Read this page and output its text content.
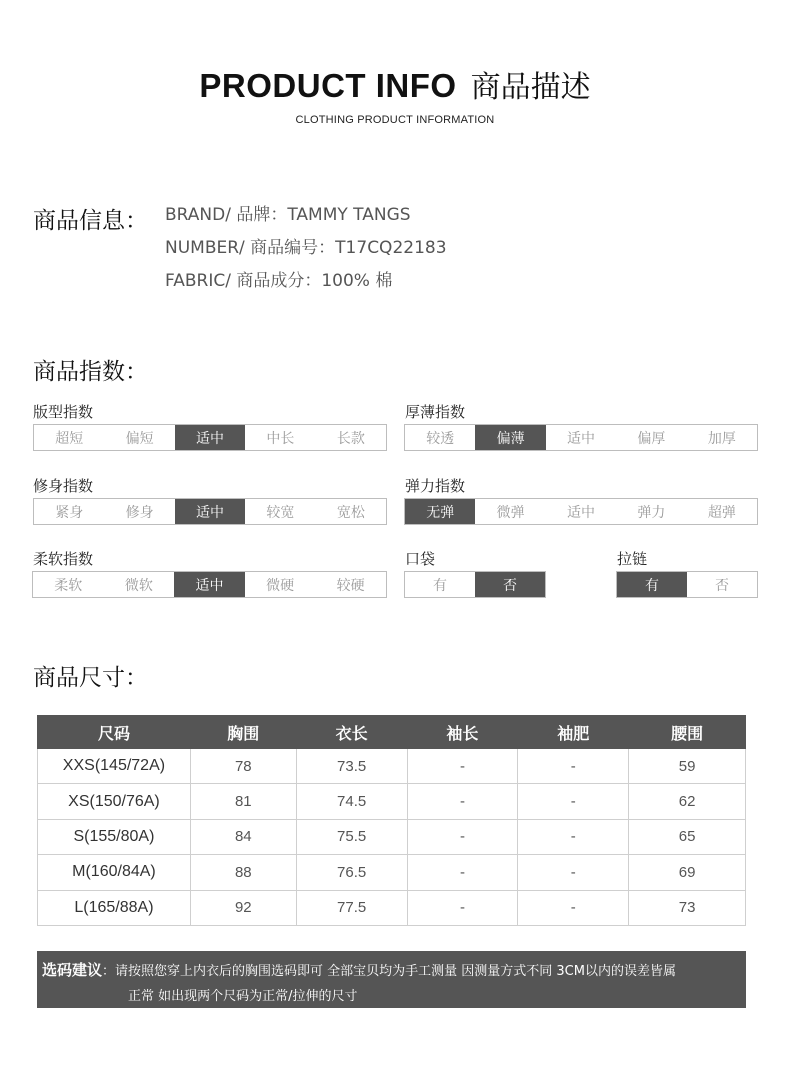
PRODUCT INFO 商品描述
CLOTHING PRODUCT INFORMATION
商品信息： BRAND/ 品牌：TAMMY TANGS
NUMBER/ 商品编号：T17CQ22183
FABRIC/ 商品成分：100% 棉
商品指数：
版型指数
超短	偏短	适中	中长	长款
厚薄指数
较透	偏薄	适中	偏厚	加厚
修身指数
紧身	修身	适中	较宽	宽松
弹力指数
无弹	微弹	适中	弹力	超弹
柔软指数
柔软	微软	适中	微硬	较硬
口袋
有	否
拉链
有	否
商品尺寸：
尺码	胸围	衣长	袖长	袖肥	腰围
XXS(145/72A)	78	73.5	-	-	59
XS(150/76A)	81	74.5	-	-	62
S(155/80A)	84	75.5	-	-	65
M(160/84A)	88	76.5	-	-	69
L(165/88A)	92	77.5	-	-	73
选码建议：请按照您穿上内衣后的胸围选码即可 全部宝贝均为手工测量 因测量方式不同 3CM以内的误差皆属
正常 如出现两个尺码为正常/拉伸的尺寸
